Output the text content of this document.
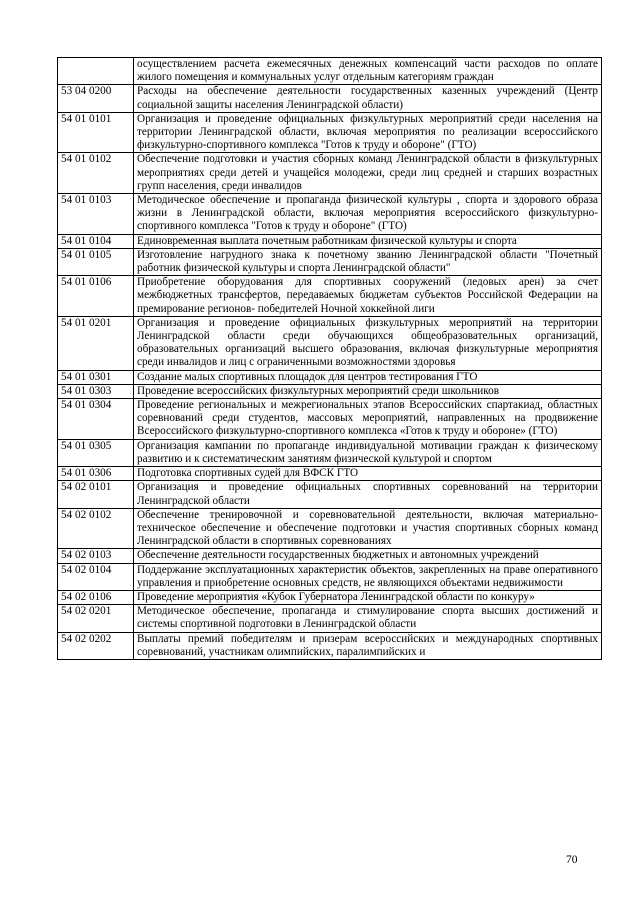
	осуществлением расчета ежемесячных денежных компенсаций части расходов по оплате жилого помещения и коммунальных услуг отдельным категориям граждан
53 04 0200	Расходы на обеспечение деятельности государственных казенных учреждений (Центр социальной защиты населения Ленинградской области)
54 01 0101	Организация и проведение официальных физкультурных мероприятий среди населения на территории Ленинградской области, включая мероприятия по реализации всероссийского физкультурно-спортивного комплекса "Готов к труду и обороне" (ГТО)
54 01 0102	Обеспечение подготовки и участия сборных команд Ленинградской области в физкультурных мероприятиях среди детей и учащейся молодежи, среди лиц средней и старших возрастных групп населения, среди инвалидов
54 01 0103	Методическое обеспечение и пропаганда физической культуры , спорта и здорового образа жизни в Ленинградской области, включая мероприятия всероссийского физкультурно-спортивного комплекса "Готов к труду и обороне" (ГТО)
54 01 0104	Единовременная выплата почетным работникам физической культуры и спорта
54 01 0105	Изготовление нагрудного знака к почетному званию Ленинградской области "Почетный работник физической культуры и спорта Ленинградской области"
54 01 0106	Приобретение оборудования для спортивных сооружений (ледовых арен) за счет межбюджетных трансфертов, передаваемых бюджетам субъектов Российской Федерации на премирование регионов- победителей Ночной хоккейной лиги
54 01 0201	Организация и проведение официальных физкультурных мероприятий на территории Ленинградской области среди обучающихся общеобразовательных организаций, образовательных организаций высшего образования, включая физкультурные мероприятия среди инвалидов и лиц с ограниченными возможностями здоровья
54 01 0301	Создание малых спортивных площадок для центров тестирования ГТО
54 01 0303	Проведение всероссийских физкультурных мероприятий среди школьников
54 01 0304	Проведение региональных и межрегиональных этапов Всероссийских спартакиад, областных соревнований среди студентов, массовых мероприятий, направленных на продвижение Всероссийского физкультурно-спортивного комплекса «Готов к труду и обороне» (ГТО)
54 01 0305	Организация кампании по пропаганде индивидуальной мотивации граждан к физическому развитию и к систематическим занятиям физической культурой и спортом
54 01 0306	Подготовка спортивных судей для ВФСК ГТО
54 02 0101	Организация и проведение официальных спортивных соревнований на территории Ленинградской области
54 02 0102	Обеспечение тренировочной и соревновательной деятельности, включая материально-техническое обеспечение и обеспечение подготовки и участия спортивных сборных команд Ленинградской области в спортивных соревнованиях
54 02 0103	Обеспечение деятельности государственных бюджетных и автономных учреждений
54 02 0104	Поддержание эксплуатационных характеристик объектов, закрепленных на праве оперативного управления и приобретение основных средств, не являющихся объектами недвижимости
54 02 0106	Проведение мероприятия «Кубок Губернатора Ленинградской области по конкуру»
54 02 0201	Методическое обеспечение, пропаганда и стимулирование спорта высших достижений и системы спортивной подготовки в Ленинградской области
54 02 0202	Выплаты премий победителям и призерам всероссийских и международных спортивных соревнований, участникам олимпийских, паралимпийских и
70
